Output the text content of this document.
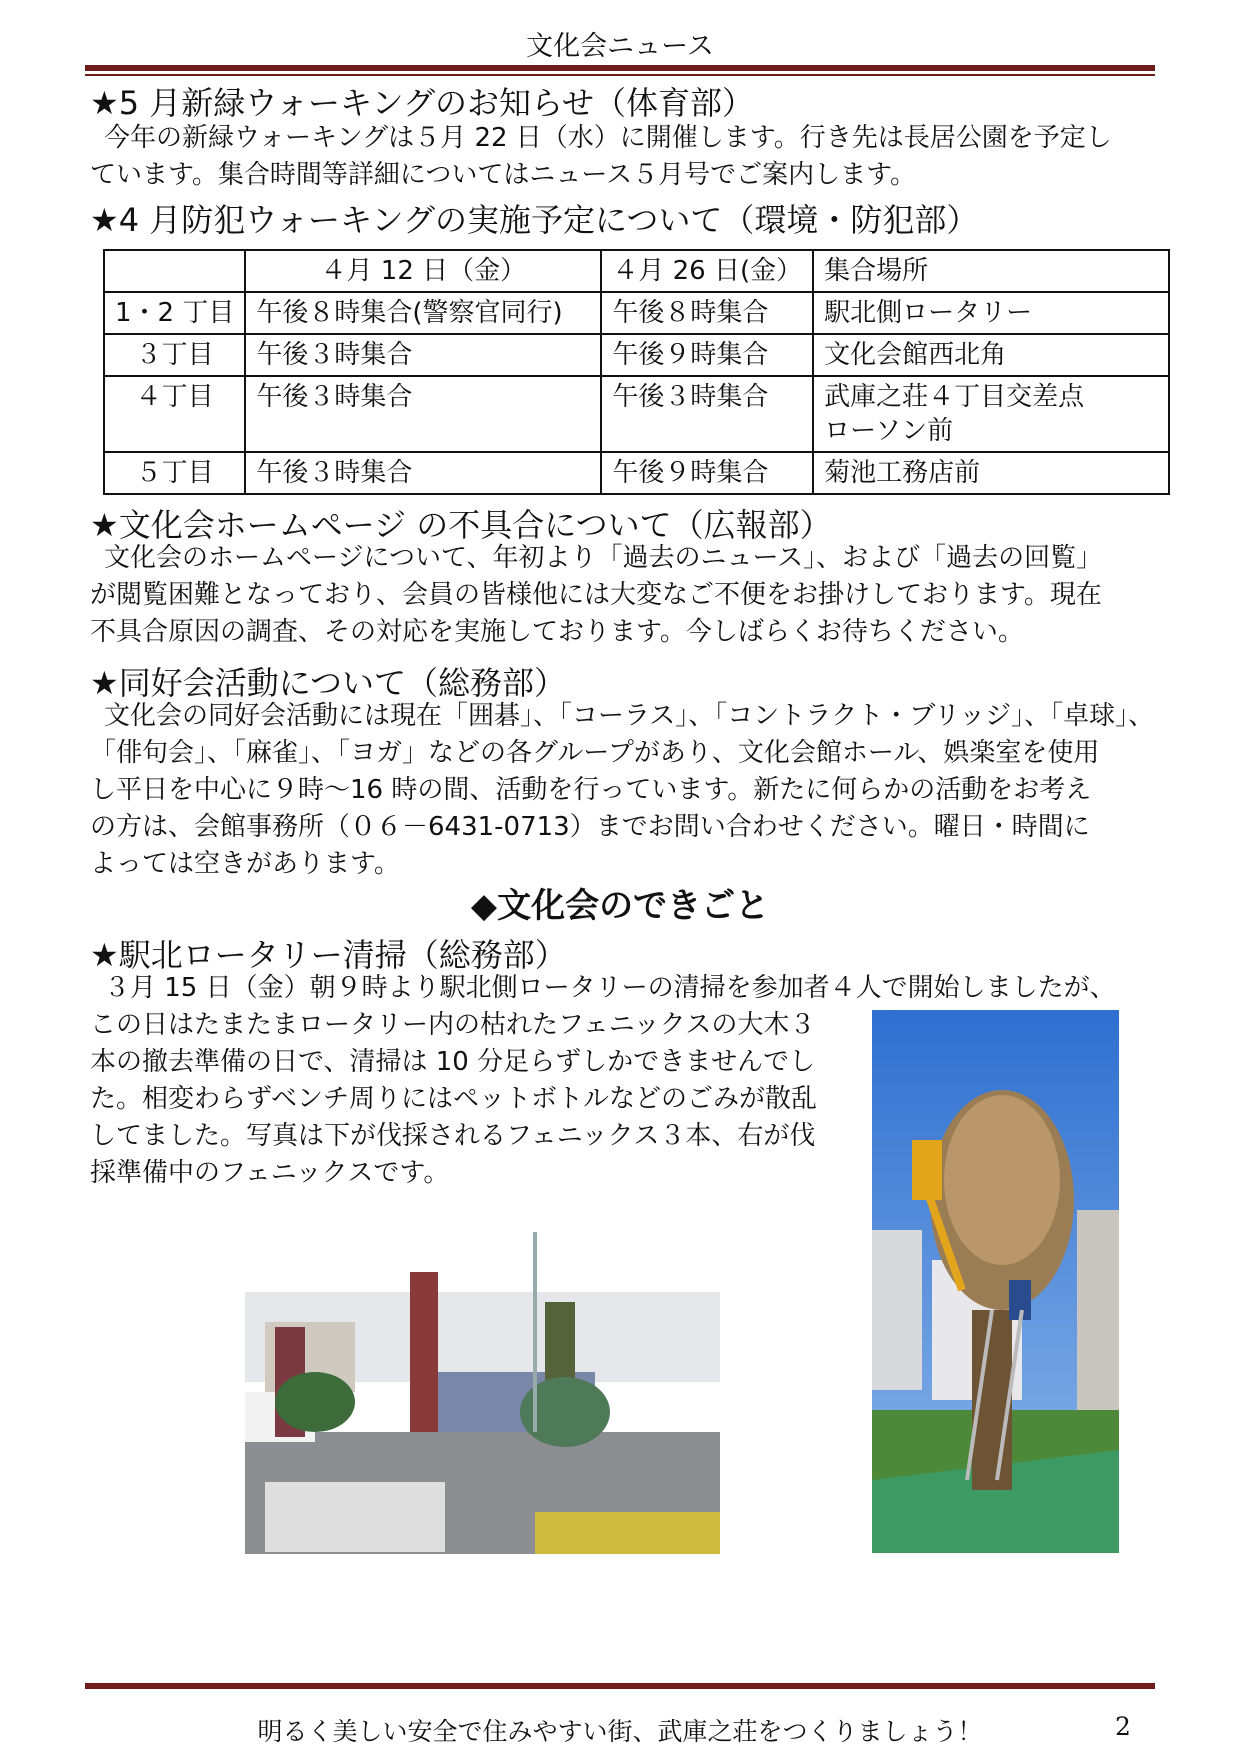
文化会ニュース
★5 月新緑ウォーキングのお知らせ（体育部）

今年の新緑ウォーキングは５月 22 日（水）に開催します。行き先は長居公園を予定し

ています。集合時間等詳細についてはニュース５月号でご案内します。

★4 月防犯ウォーキングの実施予定について（環境・防犯部）
	４月 12 日（金）	４月 26 日(金）	集合場所
1・2 丁目	午後８時集合(警察官同行)	午後８時集合	駅北側ロータリー

３丁目	午後３時集合	午後９時集合	文化会館西北角

４丁目	午後３時集合	午後３時集合	武庫之荘４丁目交差点
ローソン前

５丁目	午後３時集合	午後９時集合	菊池工務店前
★文化会ホームページ の不具合について（広報部）

文化会のホームページについて、年初より「過去のニュース」、および「過去の回覧」

が閲覧困難となっており、会員の皆様他には大変なご不便をお掛けしております。現在

不具合原因の調査、その対応を実施しております。今しばらくお待ちください。

★同好会活動について（総務部）

文化会の同好会活動には現在「囲碁」、「コーラス」、「コントラクト・ブリッジ」、「卓球」、

「俳句会」、「麻雀」、「ヨガ」などの各グループがあり、文化会館ホール、娯楽室を使用

し平日を中心に９時～16 時の間、活動を行っています。新たに何らかの活動をお考え

の方は、会館事務所（０６－6431-0713）までお問い合わせください。曜日・時間に

よっては空きがあります。

◆文化会のできごと
★駅北ロータリー清掃（総務部）

３月 15 日（金）朝９時より駅北側ロータリーの清掃を参加者４人で開始しましたが、

この日はたまたまロータリー内の枯れたフェニックスの大木３

本の撤去準備の日で、清掃は 10 分足らずしかできませんでし

た。相変わらずベンチ周りにはペットボトルなどのごみが散乱

してました。写真は下が伐採されるフェニックス３本、右が伐

採準備中のフェニックスです。

明るく美しい安全で住みやすい街、武庫之荘をつくりましょう！	2
